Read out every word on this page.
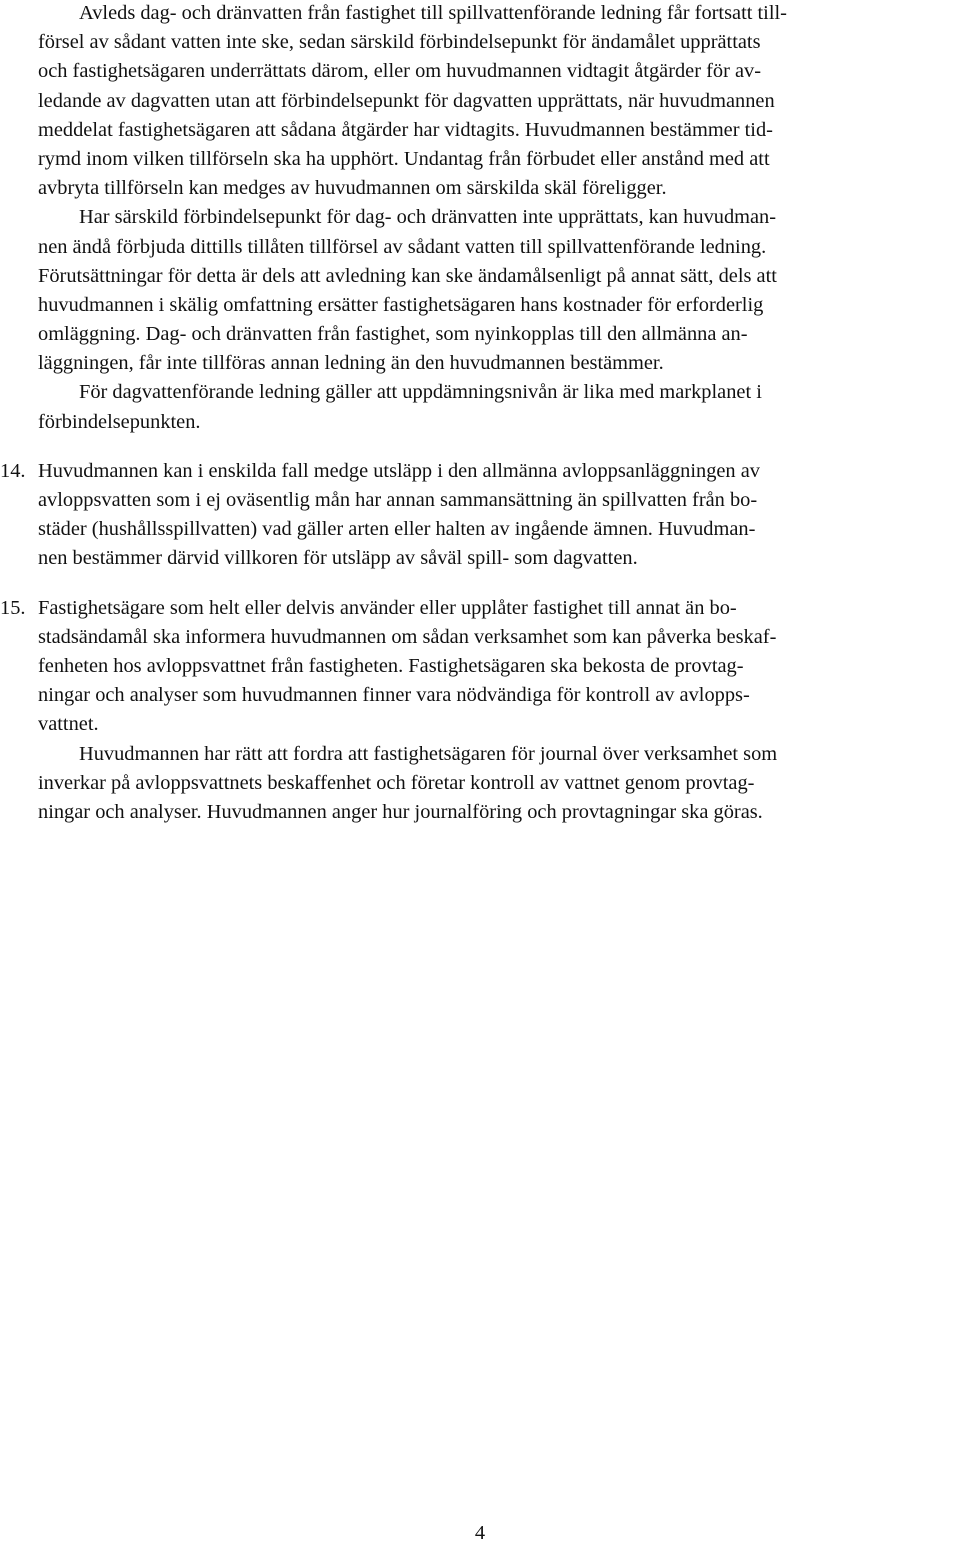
Avleds dag- och dränvatten från fastighet till spillvattenförande ledning får fortsatt till-
försel av sådant vatten inte ske, sedan särskild förbindelsepunkt för ändamålet upprättats
och fastighetsägaren underrättats därom, eller om huvudmannen vidtagit åtgärder för av-
ledande av dagvatten utan att förbindelsepunkt för dagvatten upprättats, när huvudmannen
meddelat fastighetsägaren att sådana åtgärder har vidtagits. Huvudmannen bestämmer tid-
rymd inom vilken tillförseln ska ha upphört. Undantag från förbudet eller anstånd med att
avbryta tillförseln kan medges av huvudmannen om särskilda skäl föreligger.
Har särskild förbindelsepunkt för dag- och dränvatten inte upprättats, kan huvudman-
nen ändå förbjuda dittills tillåten tillförsel av sådant vatten till spillvattenförande ledning.
Förutsättningar för detta är dels att avledning kan ske ändamålsenligt på annat sätt, dels att
huvudmannen i skälig omfattning ersätter fastighetsägaren hans kostnader för erforderlig
omläggning. Dag- och dränvatten från fastighet, som nyinkopplas till den allmänna an-
läggningen, får inte tillföras annan ledning än den huvudmannen bestämmer.
För dagvattenförande ledning gäller att uppdämningsnivån är lika med markplanet i
förbindelsepunkten.
14. Huvudmannen kan i enskilda fall medge utsläpp i den allmänna avloppsanläggningen av
avloppsvatten som i ej oväsentlig mån har annan sammansättning än spillvatten från bo-
städer (hushållsspillvatten) vad gäller arten eller halten av ingående ämnen. Huvudman-
nen bestämmer därvid villkoren för utsläpp av såväl spill- som dagvatten.
15. Fastighetsägare som helt eller delvis använder eller upplåter fastighet till annat än bo-
stadsändamål ska informera huvudmannen om sådan verksamhet som kan påverka beskaf-
fenheten hos avloppsvattnet från fastigheten. Fastighetsägaren ska bekosta de provtag-
ningar och analyser som huvudmannen finner vara nödvändiga för kontroll av avlopps-
vattnet.
Huvudmannen har rätt att fordra att fastighetsägaren för journal över verksamhet som
inverkar på avloppsvattnets beskaffenhet och företar kontroll av vattnet genom provtag-
ningar och analyser. Huvudmannen anger hur journalföring och provtagningar ska göras.
4
